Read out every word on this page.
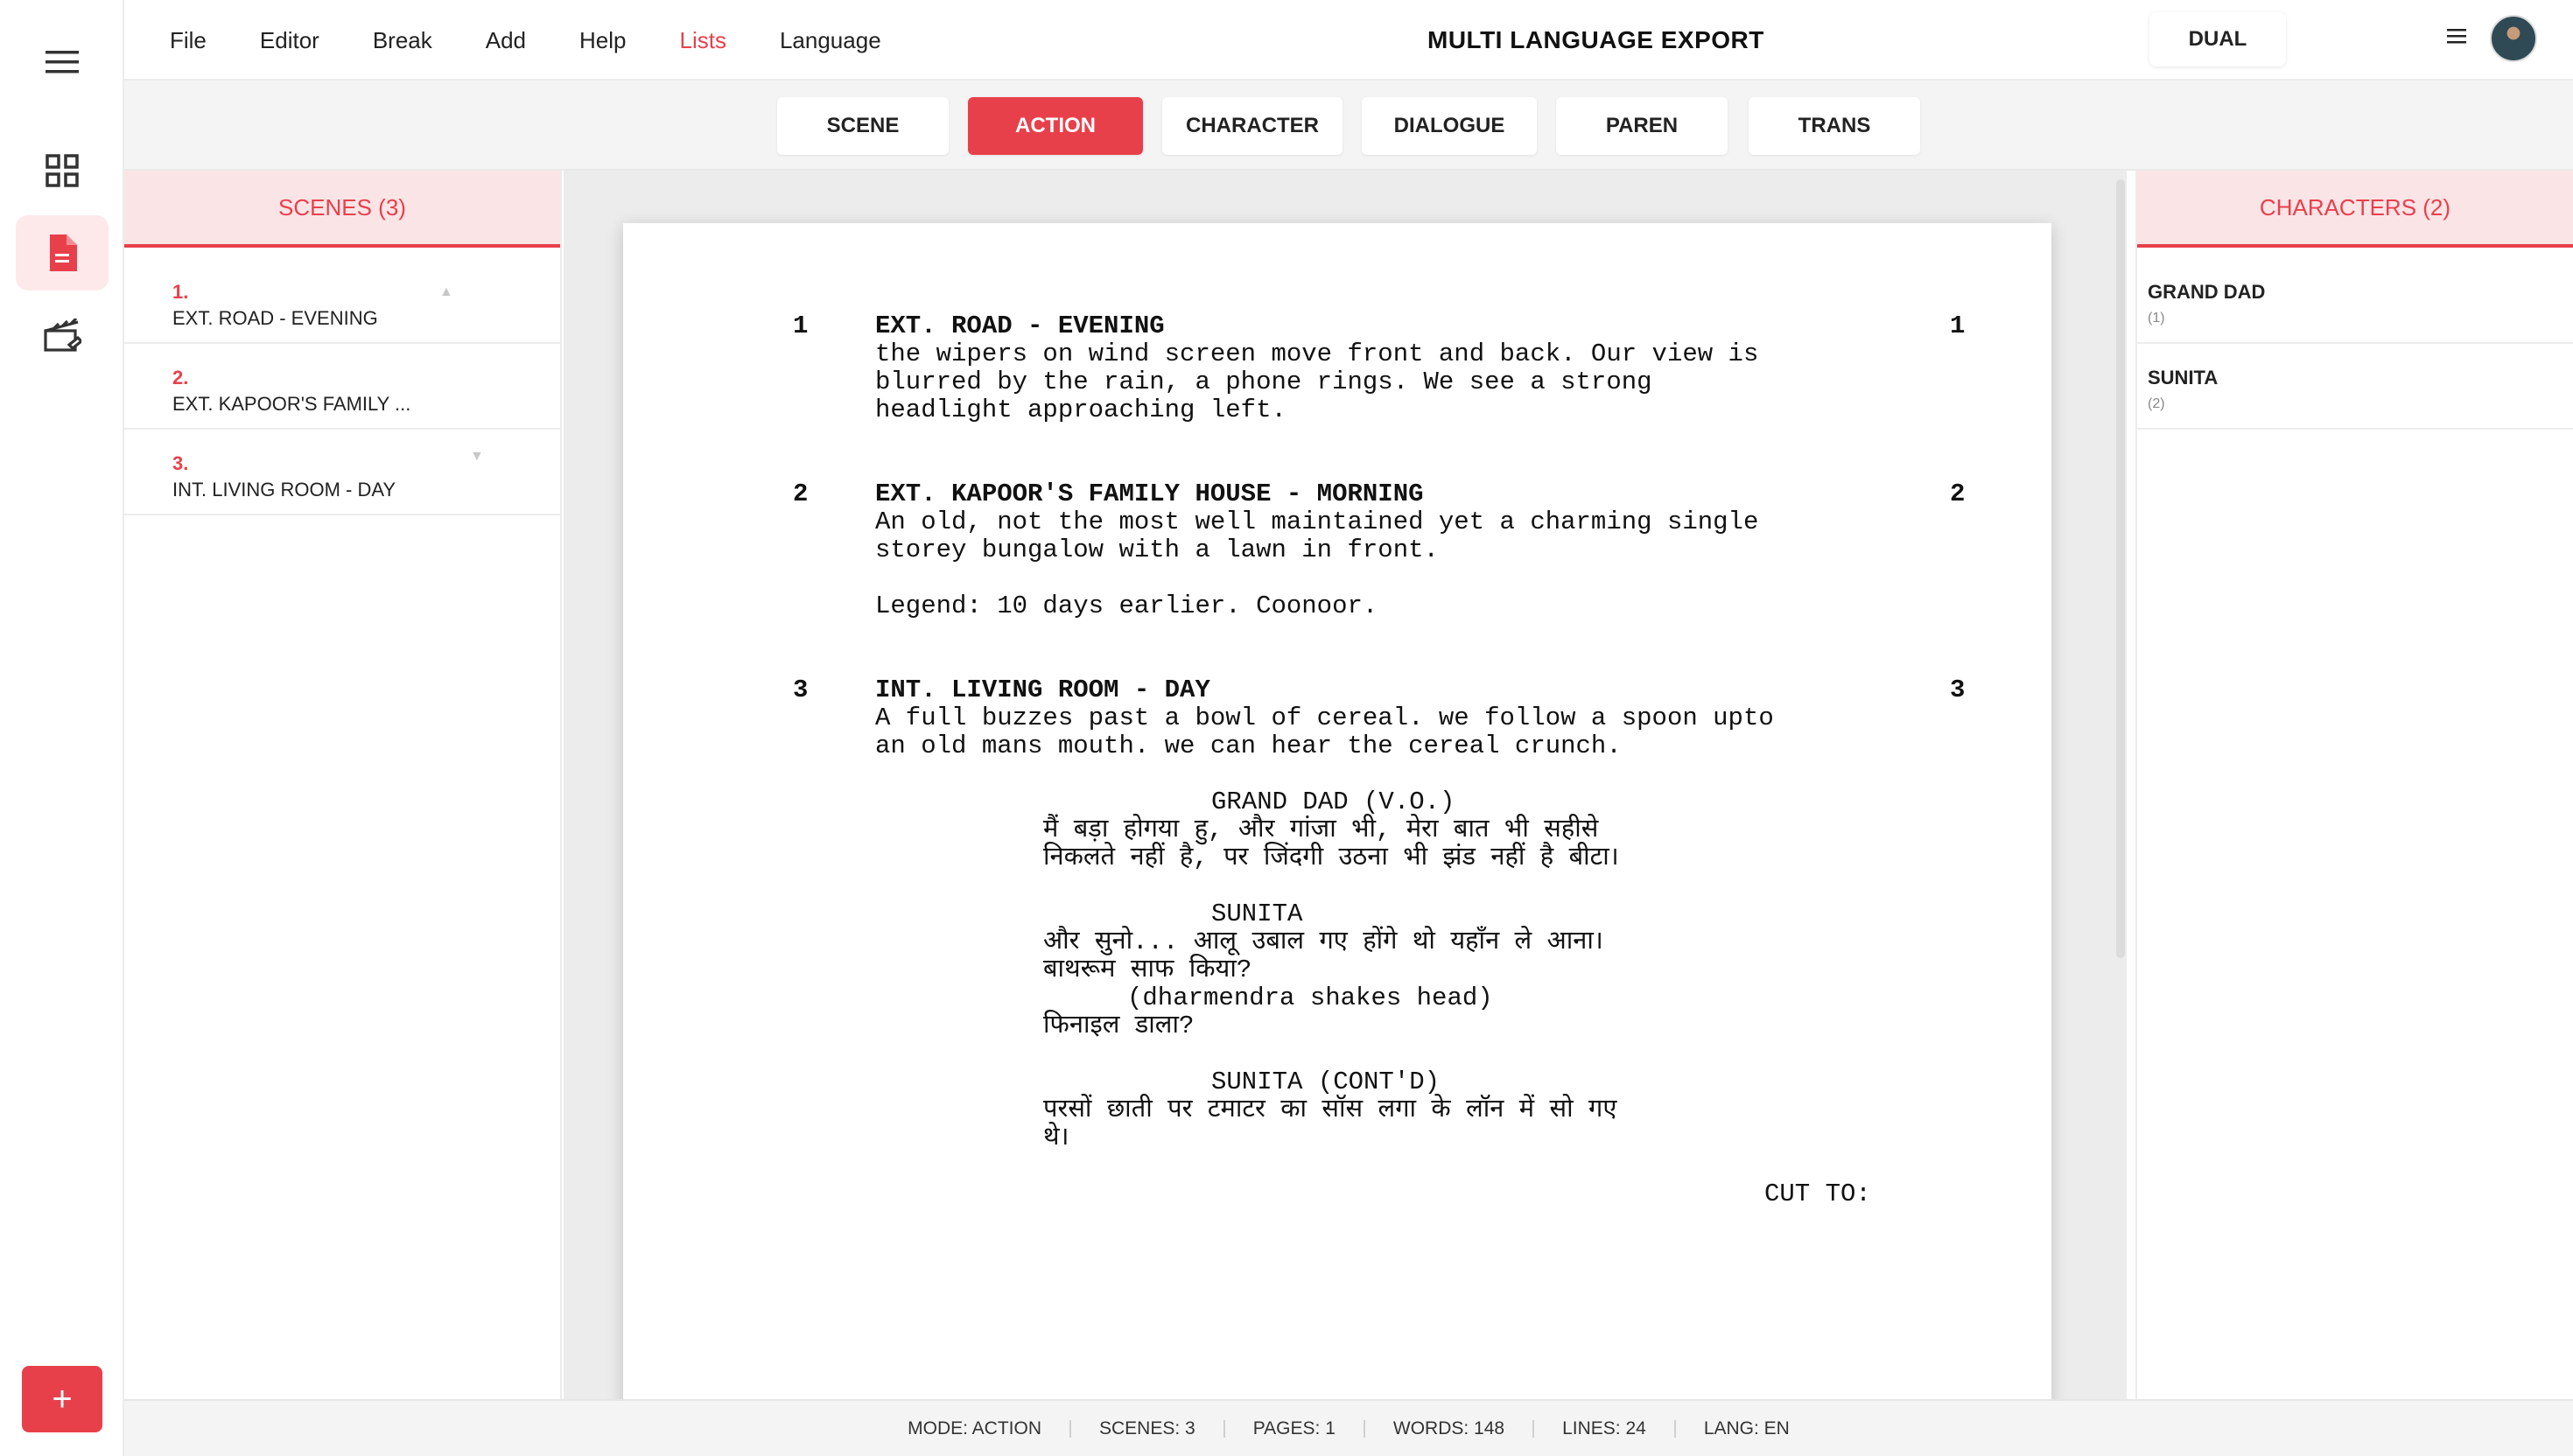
+
File Editor Break Add Help Lists Language	MULTI LANGUAGE EXPORT	DUAL
SCENE	ACTION	CHARACTER	DIALOGUE	PAREN	TRANS
SCENES (3)
1.
EXT. ROAD - EVENING
▲
2.
EXT. KAPOOR'S FAMILY ...
3.
INT. LIVING ROOM - DAY
▼
1	EXT. ROAD - EVENING	1
the wipers on wind screen move front and back. Our view is
blurred by the rain, a phone rings. We see a strong
headlight approaching left.
2	EXT. KAPOOR'S FAMILY HOUSE - MORNING	2
An old, not the most well maintained yet a charming single
storey bungalow with a lawn in front.
Legend: 10 days earlier. Coonoor.
3	INT. LIVING ROOM - DAY	3
A full buzzes past a bowl of cereal. we follow a spoon upto
an old mans mouth. we can hear the cereal crunch.
GRAND DAD (V.O.)
मैं बड़ा होगया हु, और गांजा भी, मेरा बात भी सहीसे
निकलते नहीं है, पर जिंदगी उठना भी झंड नहीं है बीटा।
SUNITA
और सुनो... आलू उबाल गए होंगे थो यहाँन ले आना।
बाथरूम साफ किया?
(dharmendra shakes head)
फिनाइल डाला?
SUNITA (CONT'D)
परसों छाती पर टमाटर का सॉस लगा के लॉन में सो गए
थे।
CUT TO:
CHARACTERS (2)
GRAND DAD
(1)
SUNITA
(2)
MODE: ACTION	SCENES: 3	PAGES: 1	WORDS: 148	LINES: 24	LANG: EN
